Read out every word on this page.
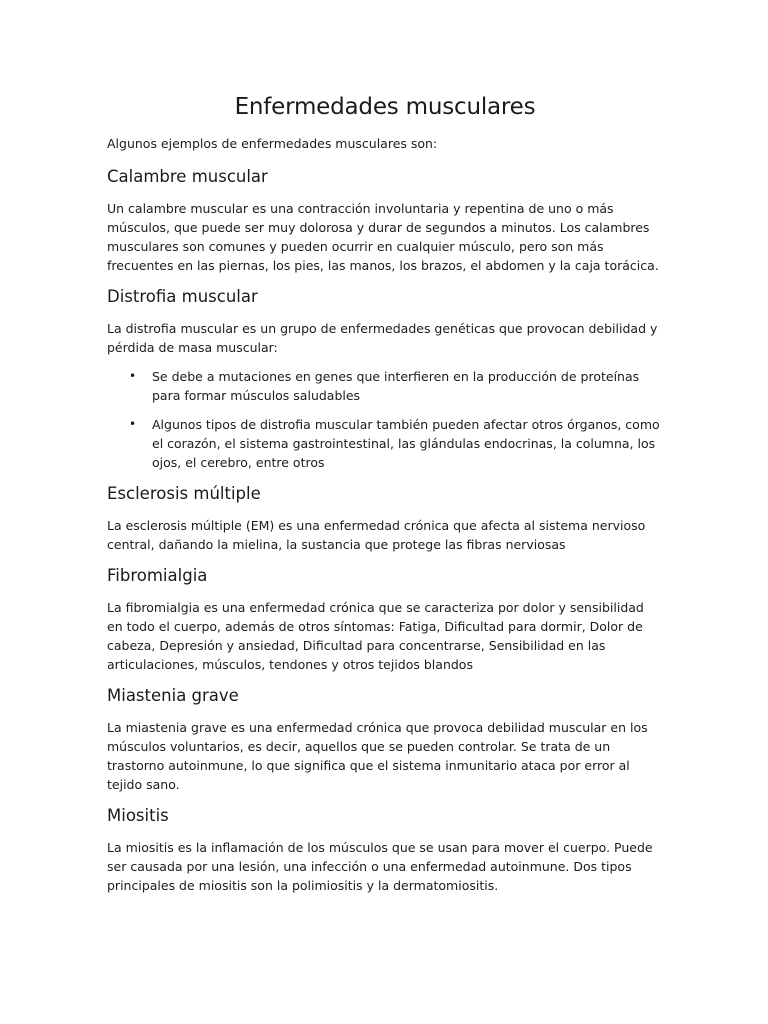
Enfermedades musculares

Algunos ejemplos de enfermedades musculares son:

Calambre muscular

Un calambre muscular es una contracción involuntaria y repentina de uno o más músculos, que puede ser muy dolorosa y durar de segundos a minutos. Los calambres musculares son comunes y pueden ocurrir en cualquier músculo, pero son más frecuentes en las piernas, los pies, las manos, los brazos, el abdomen y la caja torácica.

Distrofia muscular

La distrofia muscular es un grupo de enfermedades genéticas que provocan debilidad y pérdida de masa muscular:

• Se debe a mutaciones en genes que interfieren en la producción de proteínas para formar músculos saludables
• Algunos tipos de distrofia muscular también pueden afectar otros órganos, como el corazón, el sistema gastrointestinal, las glándulas endocrinas, la columna, los ojos, el cerebro, entre otros
Esclerosis múltiple

La esclerosis múltiple (EM) es una enfermedad crónica que afecta al sistema nervioso central, dañando la mielina, la sustancia que protege las fibras nerviosas

Fibromialgia

La fibromialgia es una enfermedad crónica que se caracteriza por dolor y sensibilidad en todo el cuerpo, además de otros síntomas: Fatiga, Dificultad para dormir, Dolor de cabeza, Depresión y ansiedad, Dificultad para concentrarse, Sensibilidad en las articulaciones, músculos, tendones y otros tejidos blandos

Miastenia grave

La miastenia grave es una enfermedad crónica que provoca debilidad muscular en los músculos voluntarios, es decir, aquellos que se pueden controlar. Se trata de un trastorno autoinmune, lo que significa que el sistema inmunitario ataca por error al tejido sano.

Miositis

La miositis es la inflamación de los músculos que se usan para mover el cuerpo. Puede ser causada por una lesión, una infección o una enfermedad autoinmune. Dos tipos principales de miositis son la polimiositis y la dermatomiositis.
